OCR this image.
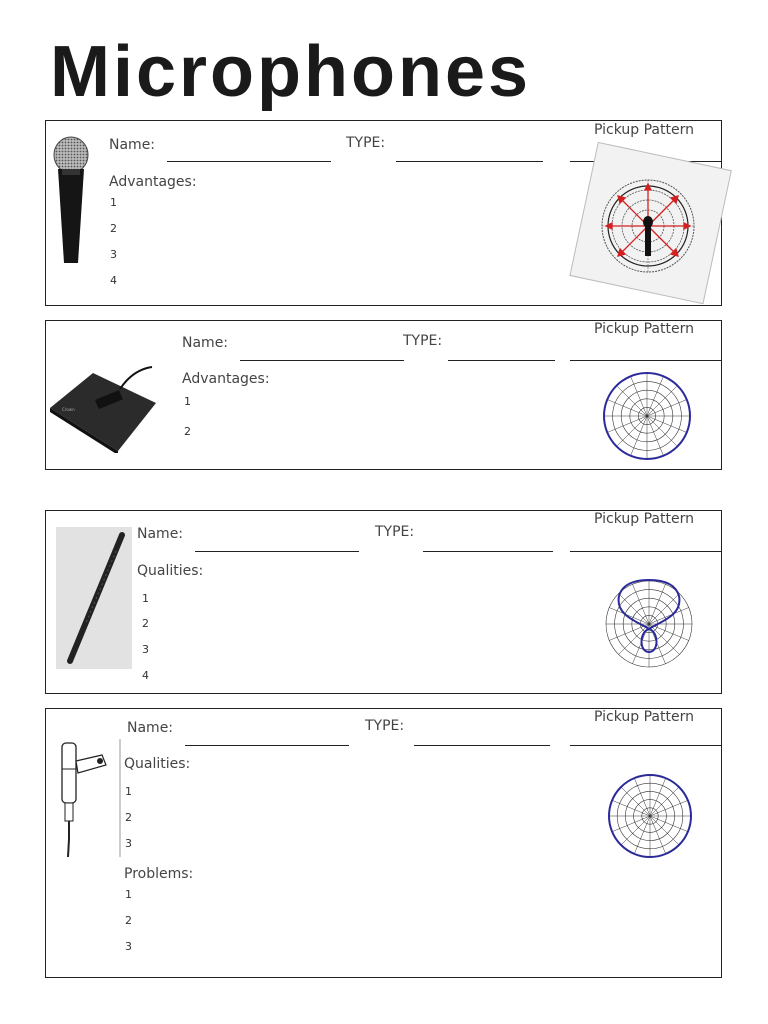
Microphones
Name:	TYPE:
Pickup Pattern
Advantages:
1
2
3
4
Crown
Name:	TYPE:
Pickup Pattern
Advantages:
1
2
Name:	TYPE:
Pickup Pattern
Qualities:
1
2
3
4
Name:	TYPE:
Pickup Pattern
Qualities:
1
2
3
Problems:
1
2
3
